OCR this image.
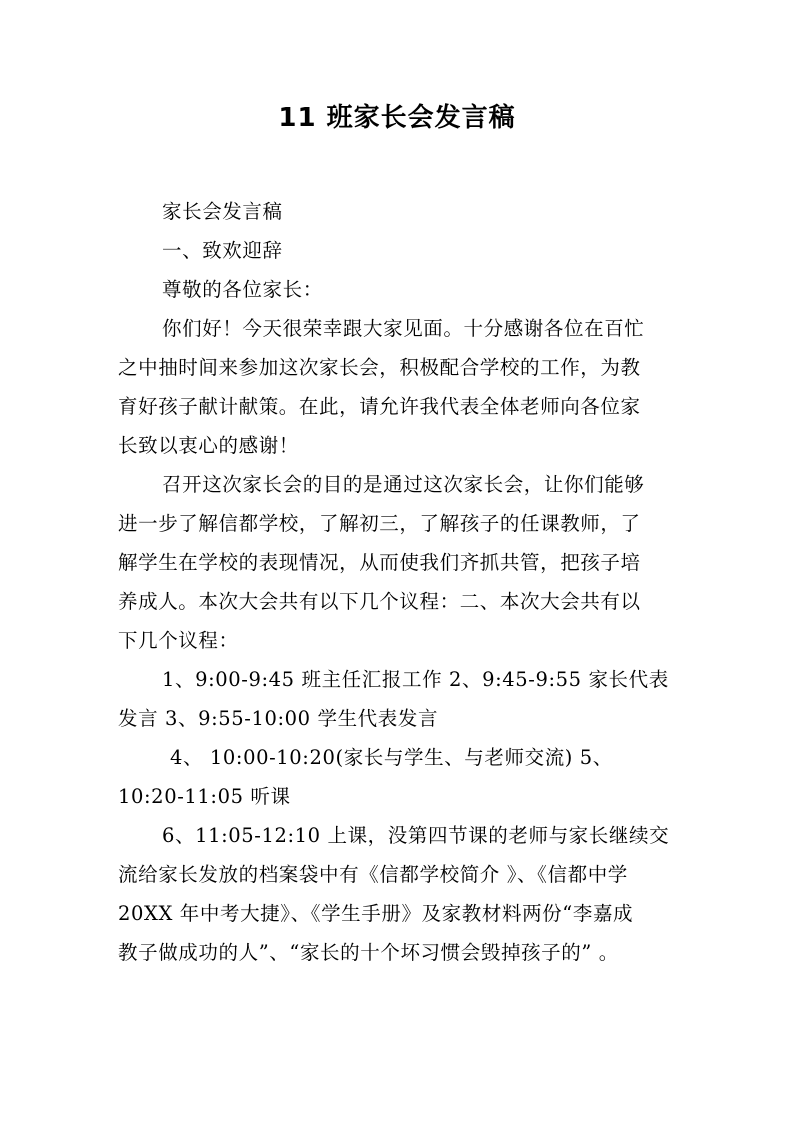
11 班家长会发言稿
家长会发言稿
一、致欢迎辞
尊敬的各位家长：
你们好！今天很荣幸跟大家见面。十分感谢各位在百忙
之中抽时间来参加这次家长会，积极配合学校的工作，为教
育好孩子献计献策。在此，请允许我代表全体老师向各位家
长致以衷心的感谢！
召开这次家长会的目的是通过这次家长会，让你们能够
进一步了解信都学校，了解初三，了解孩子的任课教师，了
解学生在学校的表现情况，从而使我们齐抓共管，把孩子培
养成人。本次大会共有以下几个议程：二、本次大会共有以
下几个议程：
1、9:00-9:45 班主任汇报工作 2、9:45-9:55 家长代表
发言 3、9:55-10:00 学生代表发言
4、 10:00-10:20(家长与学生、与老师交流) 5、
10:20-11:05 听课
6、11:05-12:10 上课，没第四节课的老师与家长继续交
流给家长发放的档案袋中有《信都学校简介 》、《信都中学
20XX 年中考大捷》、《学生手册》及家教材料两份“李嘉成
教子做成功的人”、“家长的十个坏习惯会毁掉孩子的” 。
